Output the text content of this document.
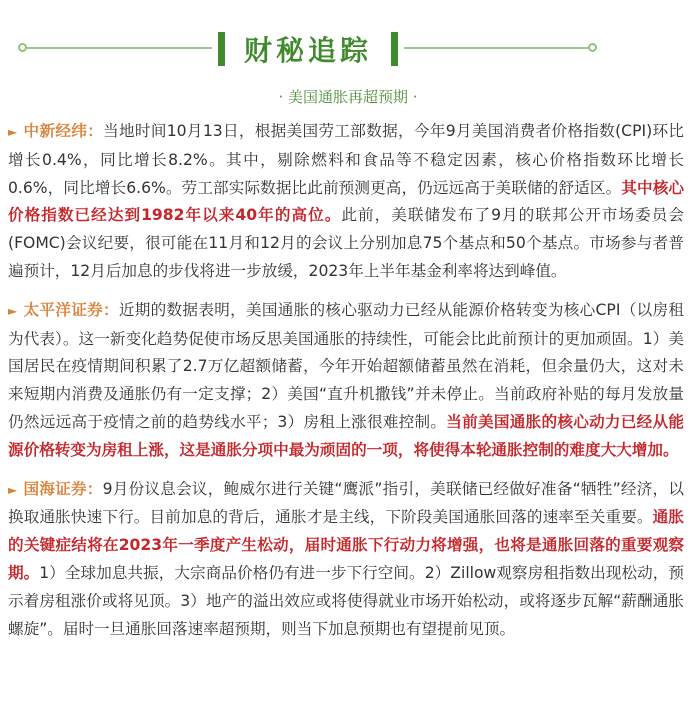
财秘追踪
· 美国通胀再超预期 ·

► 中新经纬：当地时间10月13日，根据美国劳工部数据，今年9月美国消费者价格指数(CPI)环比增长0.4%，同比增长8.2%。其中，剔除燃料和食品等不稳定因素，核心价格指数环比增长0.6%，同比增长6.6%。劳工部实际数据比此前预测更高，仍远远高于美联储的舒适区。其中核心价格指数已经达到1982年以来40年的高位。此前，美联储发布了9月的联邦公开市场委员会(FOMC)会议纪要，很可能在11月和12月的会议上分别加息75个基点和50个基点。市场参与者普遍预计，12月后加息的步伐将进一步放缓，2023年上半年基金利率将达到峰值。

► 太平洋证券：近期的数据表明，美国通胀的核心驱动力已经从能源价格转变为核心CPI（以房租为代表）。这一新变化趋势促使市场反思美国通胀的持续性，可能会比此前预计的更加顽固。1）美国居民在疫情期间积累了2.7万亿超额储蓄，今年开始超额储蓄虽然在消耗，但余量仍大，这对未来短期内消费及通胀仍有一定支撑；2）美国“直升机撒钱”并未停止。当前政府补贴的每月发放量仍然远远高于疫情之前的趋势线水平；3）房租上涨很难控制。当前美国通胀的核心动力已经从能源价格转变为房租上涨，这是通胀分项中最为顽固的一项，将使得本轮通胀控制的难度大大增加。

► 国海证券：9月份议息会议，鲍威尔进行关键“鹰派”指引，美联储已经做好准备“牺牲”经济，以换取通胀快速下行。目前加息的背后，通胀才是主线，下阶段美国通胀回落的速率至关重要。通胀的关键症结将在2023年一季度产生松动，届时通胀下行动力将增强，也将是通胀回落的重要观察期。1）全球加息共振，大宗商品价格仍有进一步下行空间。2）Zillow观察房租指数出现松动，预示着房租涨价或将见顶。3）地产的溢出效应或将使得就业市场开始松动，或将逐步瓦解“薪酬通胀螺旋”。届时一旦通胀回落速率超预期，则当下加息预期也有望提前见顶。
